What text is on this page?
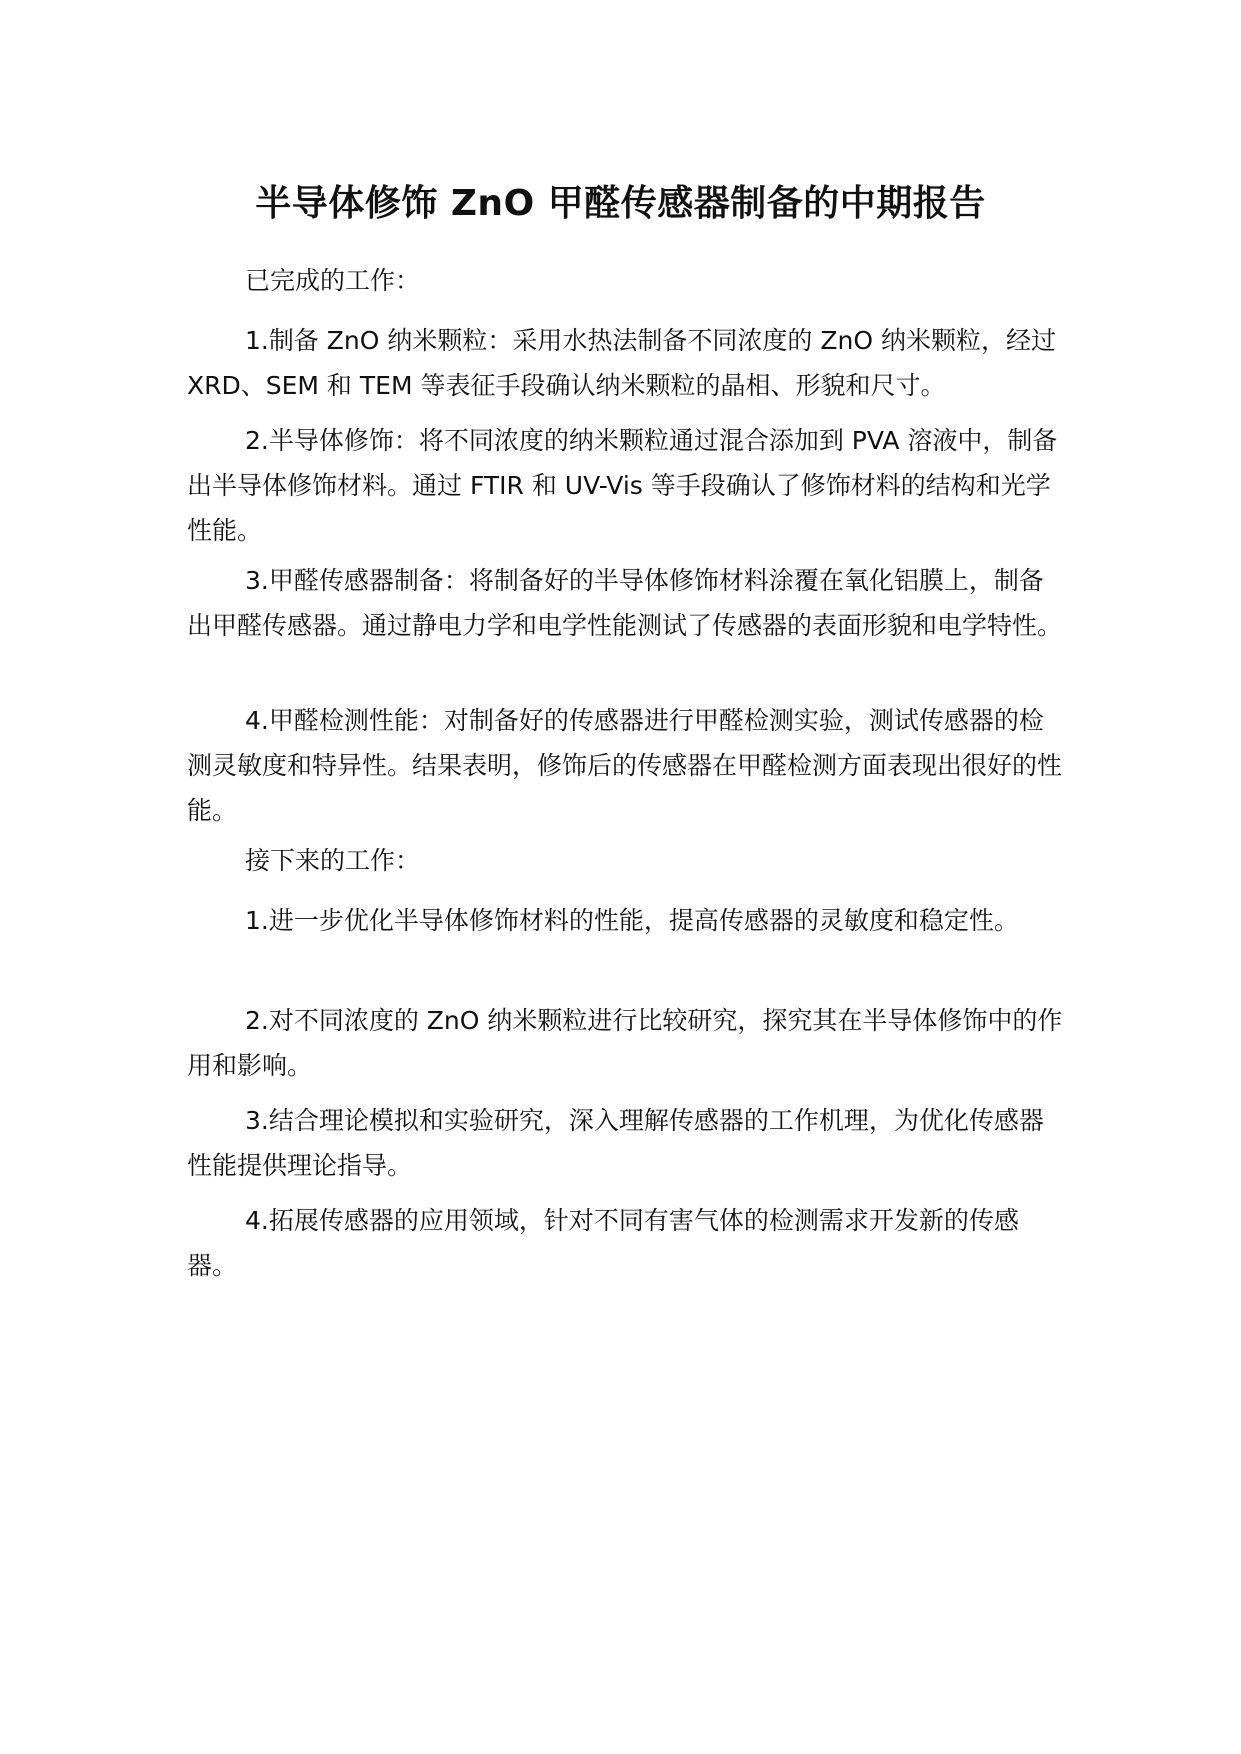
半导体修饰 ZnO 甲醛传感器制备的中期报告

已完成的工作：

1.制备 ZnO 纳米颗粒：采用水热法制备不同浓度的 ZnO 纳米颗粒，经过 XRD、SEM 和 TEM 等表征手段确认纳米颗粒的晶相、形貌和尺寸。

2.半导体修饰：将不同浓度的纳米颗粒通过混合添加到 PVA 溶液中，制备出半导体修饰材料。通过 FTIR 和 UV-Vis 等手段确认了修饰材料的结构和光学性能。

3.甲醛传感器制备：将制备好的半导体修饰材料涂覆在氧化铝膜上，制备出甲醛传感器。通过静电力学和电学性能测试了传感器的表面形貌和电学特性。

4.甲醛检测性能：对制备好的传感器进行甲醛检测实验，测试传感器的检测灵敏度和特异性。结果表明，修饰后的传感器在甲醛检测方面表现出很好的性能。

接下来的工作：

1.进一步优化半导体修饰材料的性能，提高传感器的灵敏度和稳定性。

2.对不同浓度的 ZnO 纳米颗粒进行比较研究，探究其在半导体修饰中的作用和影响。

3.结合理论模拟和实验研究，深入理解传感器的工作机理，为优化传感器性能提供理论指导。

4.拓展传感器的应用领域，针对不同有害气体的检测需求开发新的传感器。
